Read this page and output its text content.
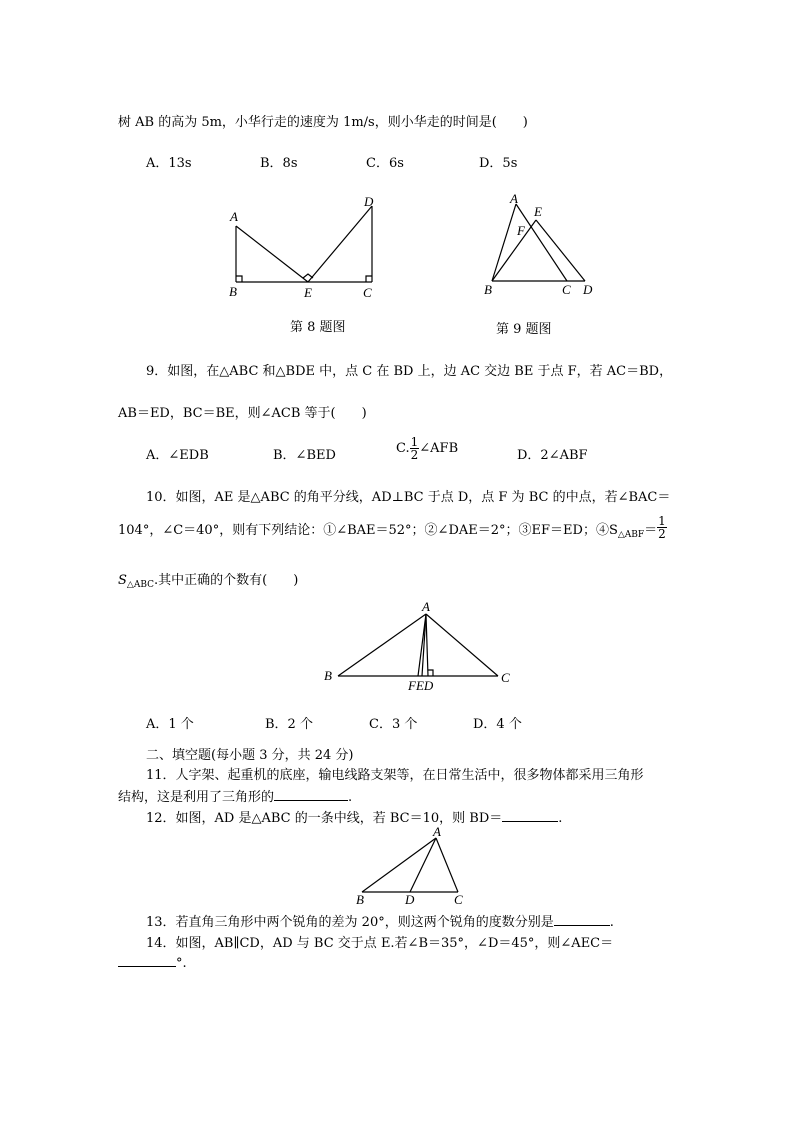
树 AB 的高为 5m，小华行走的速度为 1m/s，则小华走的时间是(　　)
A．13s	B．8s	C．6s	D．5s
A
B	E	C
D
第 8 题图
A
E
F
B	C D
第 9 题图
9．如图，在△ABC 和△BDE 中，点 C 在 BD 上，边 AC 交边 BE 于点 F，若 AC＝BD，
AB＝ED，BC＝BE，则∠ACB 等于(　　)
A．∠EDB	B．∠BED	C. $\frac{1}{2}$ ∠AFB	D．2∠ABF
10．如图，AE 是△ABC 的角平分线，AD⊥BC 于点 D，点 F 为 BC 的中点，若∠BAC＝
104°，∠C＝40°，则有下列结论：①∠BAE＝52°；②∠DAE＝2°；③EF＝ED；$④S_{\triangle ABF}= \frac{1}{2}$
$S_{\triangle ABC}$.其中正确的个数有(　　)
A
B	C
FED
A．1 个	B．2 个	C．3 个	D．4 个
二、填空题(每小题 3 分，共 24 分)
11．人字架、起重机的底座，输电线路支架等，在日常生活中，很多物体都采用三角形
结构，这是利用了三角形的	.
12．如图，AD 是△ABC 的一条中线，若 BC＝10，则 BD＝	.
A
B	D	C
13．若直角三角形中两个锐角的差为 20°，则这两个锐角的度数分别是	.
14．如图，AB∥CD，AD 与 BC 交于点 E.若∠B＝35°，∠D＝45°，则∠AEC＝
°.
